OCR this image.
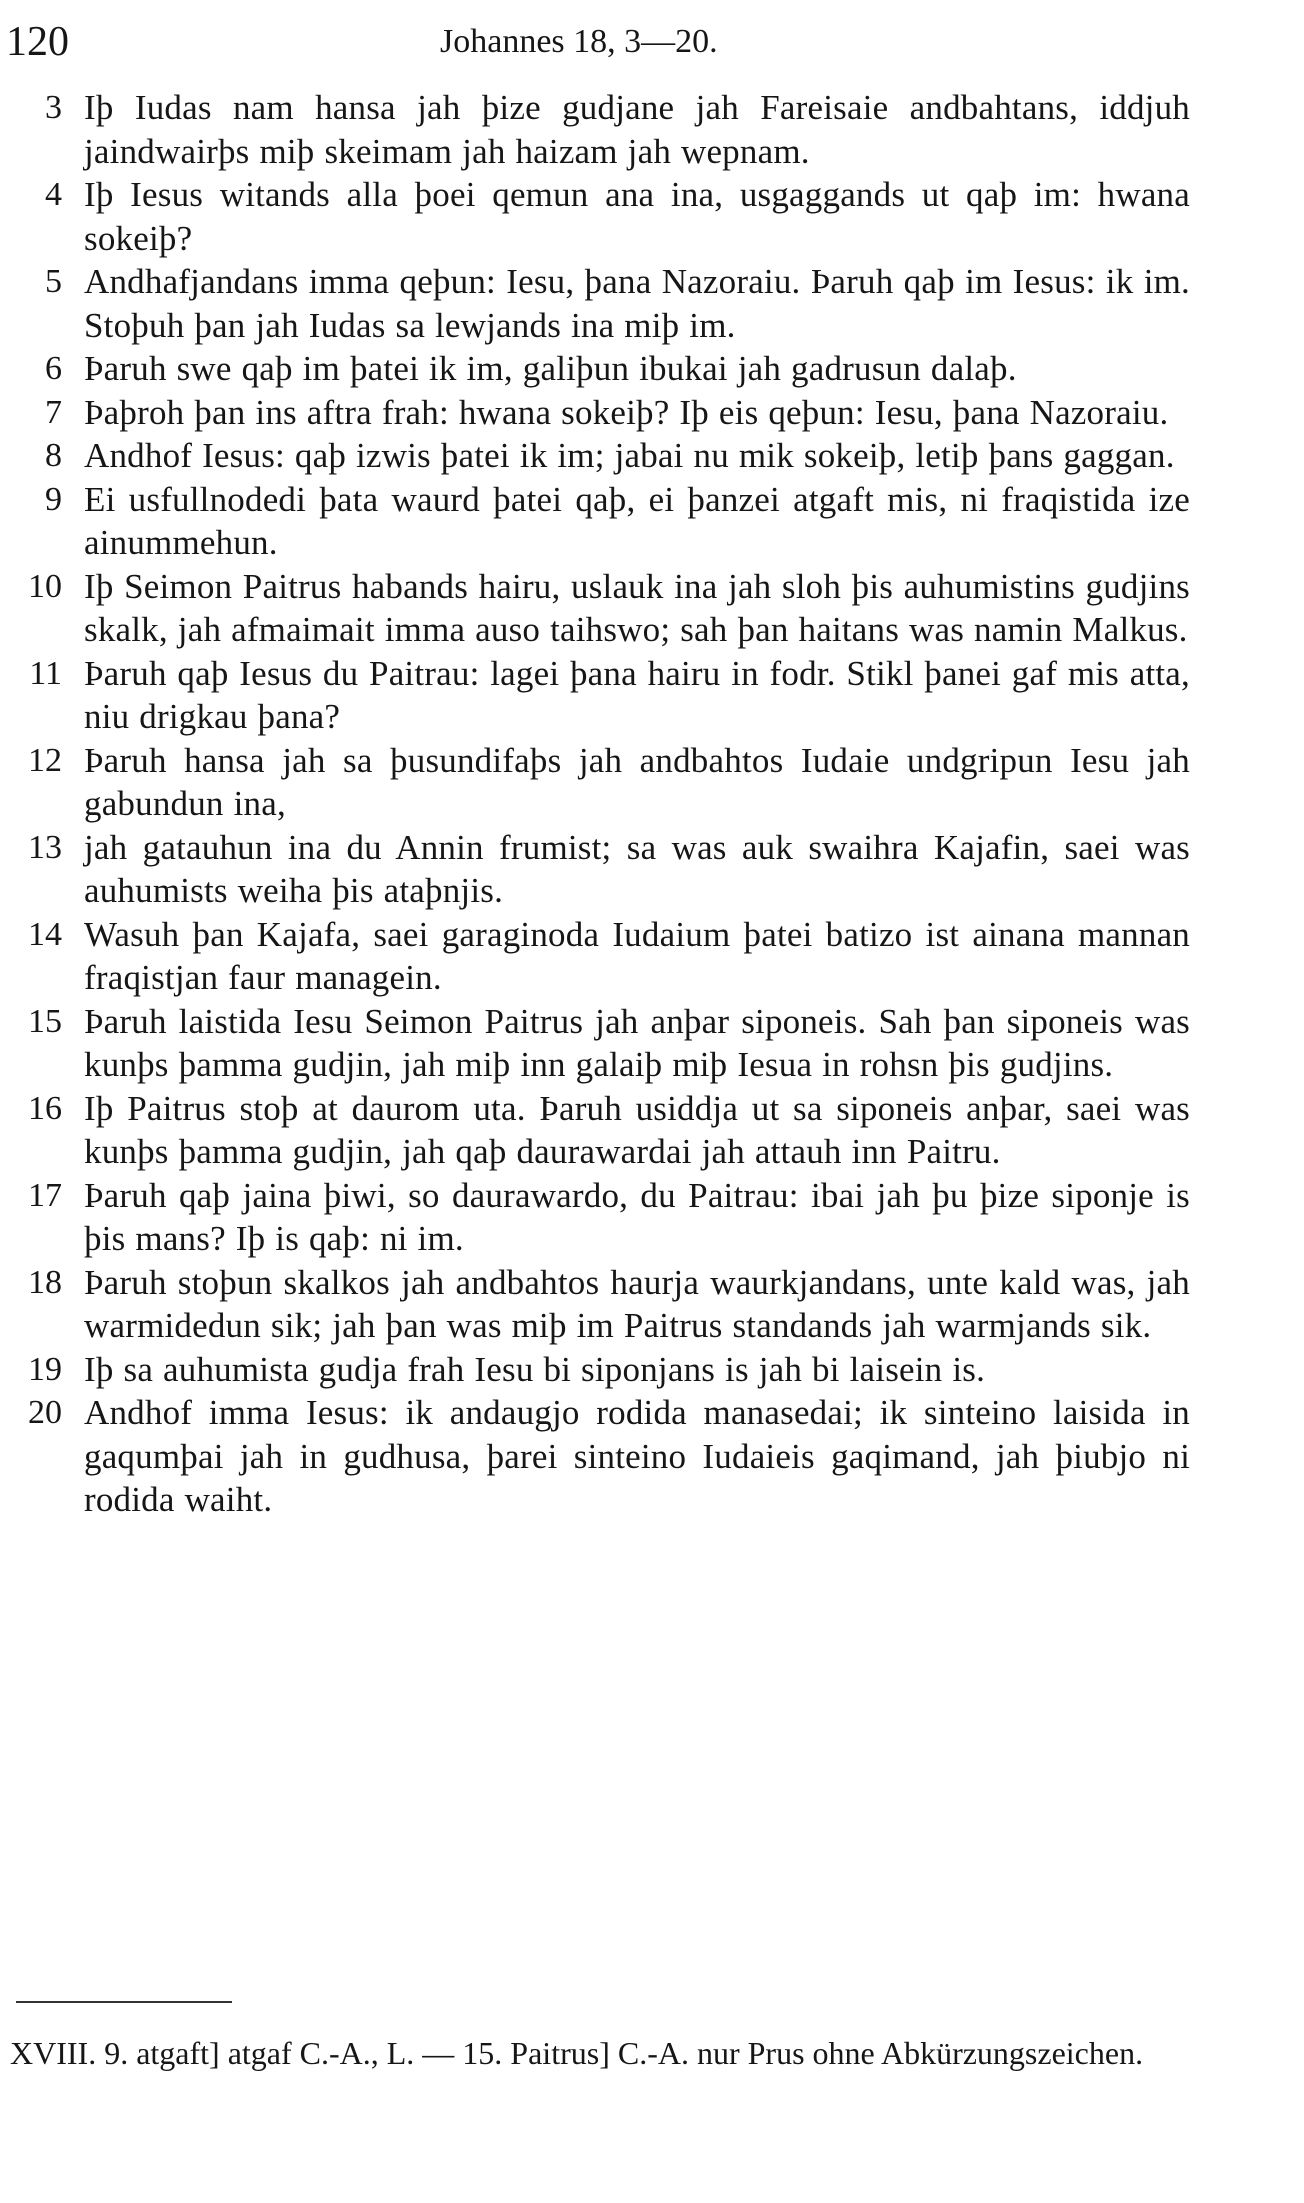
120	Johannes 18, 3—20.
3 Iþ Iudas nam hansa jah þize gudjane jah Fareisaie andbahtans, iddjuh jaindwairþs miþ skeimam jah haizam jah wepnam.
4 Iþ Iesus witands alla þoei qemun ana ina, usgaggands ut qaþ im: hwana sokeiþ?
5 Andhafjandans imma qeþun: Iesu, þana Nazoraiu. Þaruh qaþ im Iesus: ik im. Stoþuh þan jah Iudas sa lewjands ina miþ im.
6 Þaruh swe qaþ im þatei ik im, galiþun ibukai jah gadrusun dalaþ.
7 Þaþroh þan ins aftra frah: hwana sokeiþ? Iþ eis qeþun: Iesu, þana Nazoraiu.
8 Andhof Iesus: qaþ izwis þatei ik im; jabai nu mik sokeiþ, letiþ þans gaggan.
9 Ei usfullnodedi þata waurd þatei qaþ, ei þanzei atgaft mis, ni fraqistida ize ainummehun.
10 Iþ Seimon Paitrus habands hairu, uslauk ina jah sloh þis auhumistins gudjins skalk, jah afmaimait imma auso taihswo; sah þan haitans was namin Malkus.
11 Þaruh qaþ Iesus du Paitrau: lagei þana hairu in fodr. Stikl þanei gaf mis atta, niu drigkau þana?
12 Þaruh hansa jah sa þusundifaþs jah andbahtos Iudaie undgripun Iesu jah gabundun ina,
13 jah gatauhun ina du Annin frumist; sa was auk swaihra Kajafin, saei was auhumists weiha þis ataþnjis.
14 Wasuh þan Kajafa, saei garaginoda Iudaium þatei batizo ist ainana mannan fraqistjan faur managein.
15 Þaruh laistida Iesu Seimon Paitrus jah anþar siponeis. Sah þan siponeis was kunþs þamma gudjin, jah miþ inn galaiþ miþ Iesua in rohsn þis gudjins.
16 Iþ Paitrus stoþ at daurom uta. Þaruh usiddja ut sa siponeis anþar, saei was kunþs þamma gudjin, jah qaþ daurawardai jah attauh inn Paitru.
17 Þaruh qaþ jaina þiwi, so daurawardo, du Paitrau: ibai jah þu þize siponje is þis mans? Iþ is qaþ: ni im.
18 Þaruh stoþun skalkos jah andbahtos haurja waurkjandans, unte kald was, jah warmidedun sik; jah þan was miþ im Paitrus standands jah warmjands sik.
19 Iþ sa auhumista gudja frah Iesu bi siponjans is jah bi laisein is.
20 Andhof imma Iesus: ik andaugjo rodida manasedai; ik sinteino laisida in gaqumþai jah in gudhusa, þarei sinteino Iudaieis gaqimand, jah þiubjo ni rodida waiht.
XVIII. 9. atgaft] atgaf C.-A., L. — 15. Paitrus] C.-A. nur Prus ohne Abkürzungszeichen.
